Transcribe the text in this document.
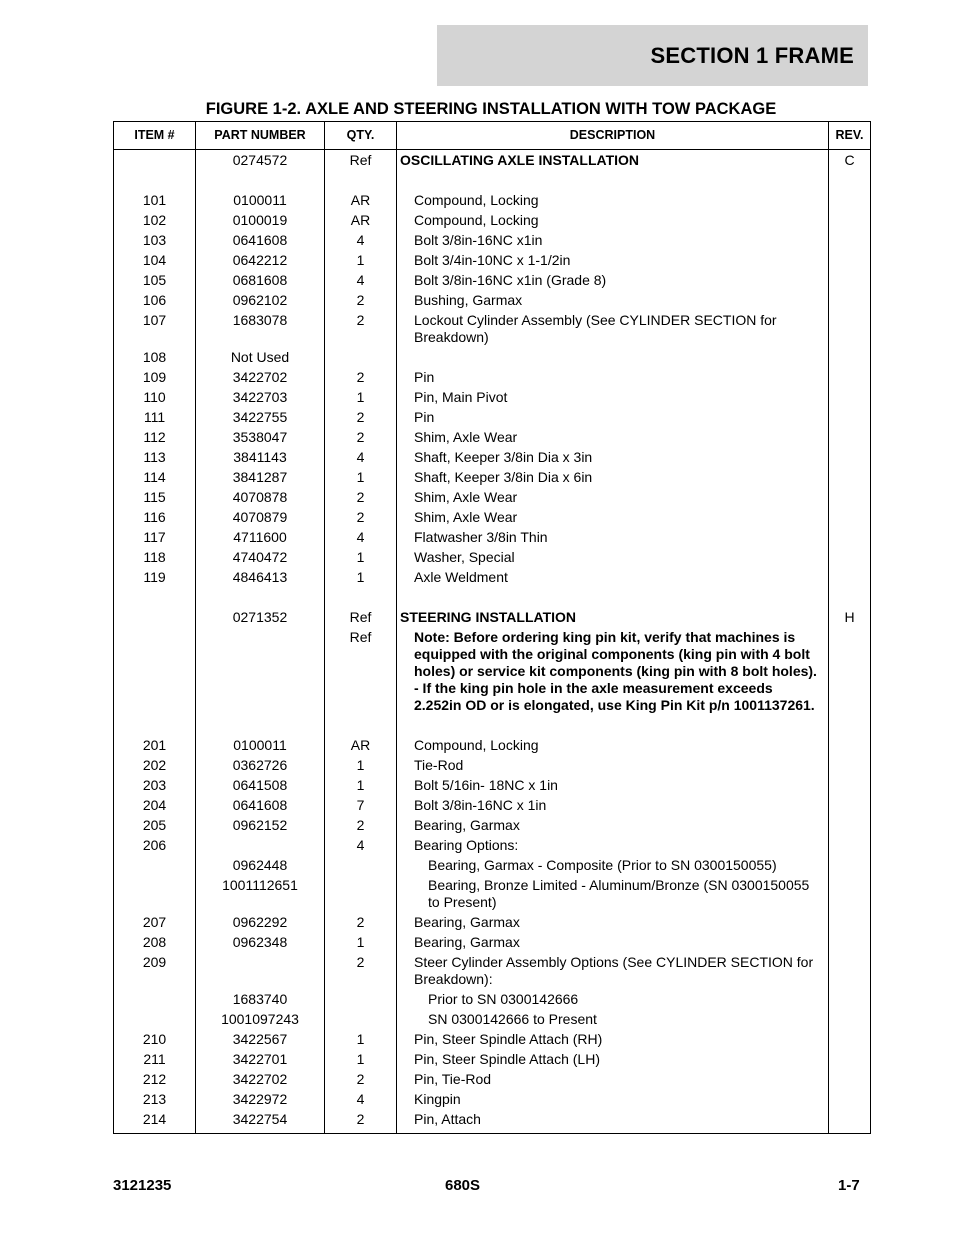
SECTION 1 FRAME
FIGURE 1-2. AXLE AND STEERING INSTALLATION WITH TOW PACKAGE
ITEM #	PART NUMBER	QTY.	DESCRIPTION	REV.
	0274572	Ref	OSCILLATING AXLE INSTALLATION	C

101	0100011	AR	Compound, Locking	
102	0100019	AR	Compound, Locking	
103	0641608	4	Bolt 3/8in-16NC x1in	
104	0642212	1	Bolt 3/4in-10NC x 1-1/2in	
105	0681608	4	Bolt 3/8in-16NC x1in (Grade 8)	
106	0962102	2	Bushing, Garmax	
107	1683078	2	Lockout Cylinder Assembly (See CYLINDER SECTION for Breakdown)	
108	Not Used			
109	3422702	2	Pin	
110	3422703	1	Pin, Main Pivot	
111	3422755	2	Pin	
112	3538047	2	Shim, Axle Wear	
113	3841143	4	Shaft, Keeper 3/8in Dia x 3in	
114	3841287	1	Shaft, Keeper 3/8in Dia x 6in	
115	4070878	2	Shim, Axle Wear	
116	4070879	2	Shim, Axle Wear	
117	4711600	4	Flatwasher 3/8in Thin	
118	4740472	1	Washer, Special	
119	4846413	1	Axle Weldment	

	0271352	Ref	STEERING INSTALLATION	H
		Ref	Note: Before ordering king pin kit, verify that machines is equipped with the original components (king pin with 4 bolt holes) or service kit components (king pin with 8 bolt holes). - If the king pin hole in the axle measurement exceeds 2.252in OD or is elongated, use King Pin Kit p/n 1001137261.	

201	0100011	AR	Compound, Locking	
202	0362726	1	Tie-Rod	
203	0641508	1	Bolt 5/16in- 18NC x 1in	
204	0641608	7	Bolt 3/8in-16NC x 1in	
205	0962152	2	Bearing, Garmax	
206		4	Bearing Options:	
	0962448		Bearing, Garmax - Composite (Prior to SN 0300150055)	
	1001112651		Bearing, Bronze Limited - Aluminum/Bronze (SN 0300150055 to Present)	
207	0962292	2	Bearing, Garmax	
208	0962348	1	Bearing, Garmax	
209		2	Steer Cylinder Assembly Options (See CYLINDER SECTION for Breakdown):	
	1683740		Prior to SN 0300142666	
	1001097243		SN 0300142666 to Present	
210	3422567	1	Pin, Steer Spindle Attach (RH)	
211	3422701	1	Pin, Steer Spindle Attach (LH)	
212	3422702	2	Pin, Tie-Rod	
213	3422972	4	Kingpin	
214	3422754	2	Pin, Attach	
3121235	680S	1-7
